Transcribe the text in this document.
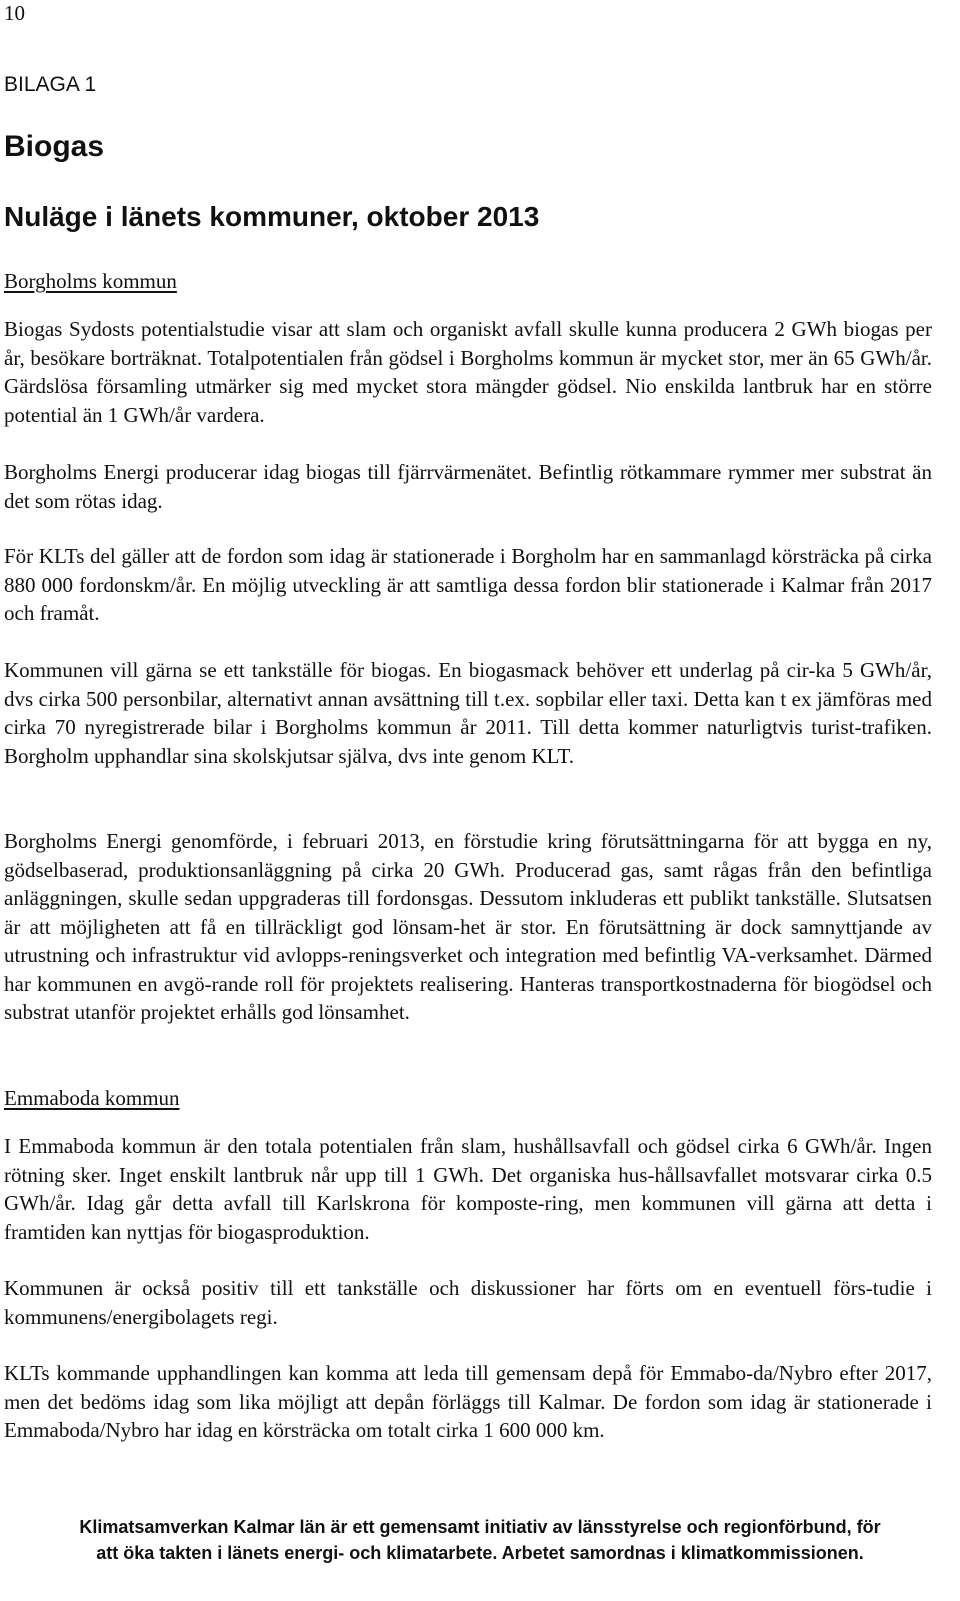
10
BILAGA 1
Biogas
Nuläge i länets kommuner, oktober 2013
Borgholms kommun

Biogas Sydosts potentialstudie visar att slam och organiskt avfall skulle kunna producera 2 GWh biogas per år, besökare borträknat. Totalpotentialen från gödsel i Borgholms kommun är mycket stor, mer än 65 GWh/år. Gärdslösa församling utmärker sig med mycket stora mängder gödsel. Nio enskilda lantbruk har en större potential än 1 GWh/år vardera.

Borgholms Energi producerar idag biogas till fjärrvärmenätet. Befintlig rötkammare rymmer mer substrat än det som rötas idag.

För KLTs del gäller att de fordon som idag är stationerade i Borgholm har en sammanlagd körsträcka på cirka 880 000 fordonskm/år. En möjlig utveckling är att samtliga dessa fordon blir stationerade i Kalmar från 2017 och framåt.

Kommunen vill gärna se ett tankställe för biogas. En biogasmack behöver ett underlag på cir-ka 5 GWh/år, dvs cirka 500 personbilar, alternativt annan avsättning till t.ex. sopbilar eller taxi. Detta kan t ex jämföras med cirka 70 nyregistrerade bilar i Borgholms kommun år 2011. Till detta kommer naturligtvis turist-trafiken. Borgholm upphandlar sina skolskjutsar själva, dvs inte genom KLT.

Borgholms Energi genomförde, i februari 2013, en förstudie kring förutsättningarna för att bygga en ny, gödselbaserad, produktionsanläggning på cirka 20 GWh. Producerad gas, samt rågas från den befintliga anläggningen, skulle sedan uppgraderas till fordonsgas. Dessutom inkluderas ett publikt tankställe. Slutsatsen är att möjligheten att få en tillräckligt god lönsam-het är stor. En förutsättning är dock samnyttjande av utrustning och infrastruktur vid avlopps-reningsverket och integration med befintlig VA-verksamhet. Därmed har kommunen en avgö-rande roll för projektets realisering. Hanteras transportkostnaderna för biogödsel och substrat utanför projektet erhålls god lönsamhet.

Emmaboda kommun

I Emmaboda kommun är den totala potentialen från slam, hushållsavfall och gödsel cirka 6 GWh/år. Ingen rötning sker. Inget enskilt lantbruk når upp till 1 GWh. Det organiska hus-hållsavfallet motsvarar cirka 0.5 GWh/år. Idag går detta avfall till Karlskrona för komposte-ring, men kommunen vill gärna att detta i framtiden kan nyttjas för biogasproduktion.

Kommunen är också positiv till ett tankställe och diskussioner har förts om en eventuell förs-tudie i kommunens/energibolagets regi.

KLTs kommande upphandlingen kan komma att leda till gemensam depå för Emmabo-da/Nybro efter 2017, men det bedöms idag som lika möjligt att depån förläggs till Kalmar. De fordon som idag är stationerade i Emmaboda/Nybro har idag en körsträcka om totalt cirka 1 600 000 km.

Klimatsamverkan Kalmar län är ett gemensamt initiativ av länsstyrelse och regionförbund, för
att öka takten i länets energi- och klimatarbete. Arbetet samordnas i klimatkommissionen.
